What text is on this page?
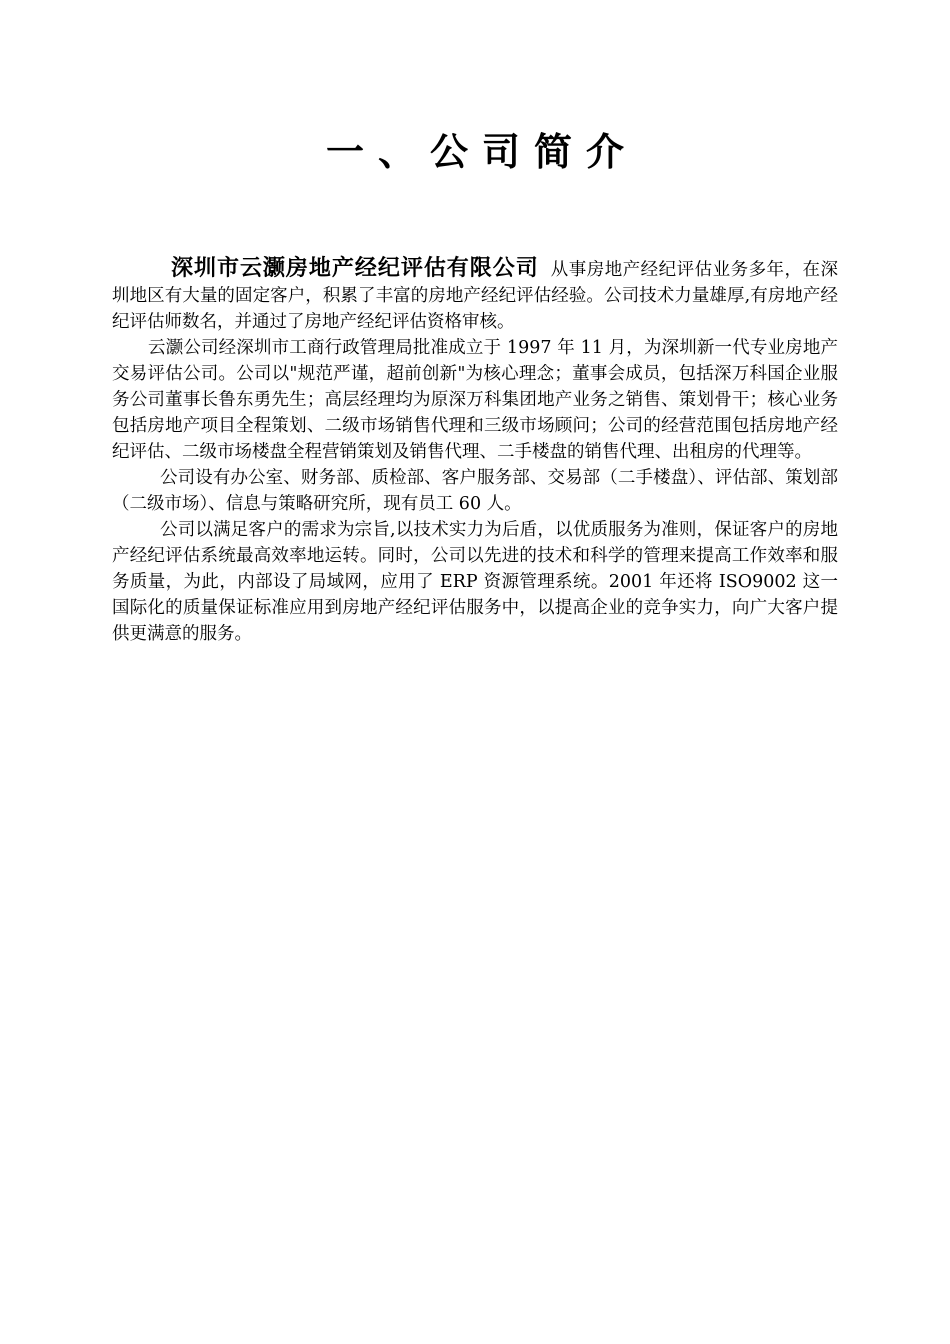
一、公司简介

深圳市云灏房地产经纪评估有限公司 从事房地产经纪评估业务多年，在深圳地区有大量的固定客户，积累了丰富的房地产经纪评估经验。公司技术力量雄厚,有房地产经纪评估师数名，并通过了房地产经纪评估资格审核。

云灏公司经深圳市工商行政管理局批准成立于 1997 年 11 月，为深圳新一代专业房地产交易评估公司。公司以"规范严谨，超前创新"为核心理念；董事会成员，包括深万科国企业服务公司董事长鲁东勇先生；高层经理均为原深万科集团地产业务之销售、策划骨干；核心业务包括房地产项目全程策划、二级市场销售代理和三级市场顾问；公司的经营范围包括房地产经纪评估、二级市场楼盘全程营销策划及销售代理、二手楼盘的销售代理、出租房的代理等。

公司设有办公室、财务部、质检部、客户服务部、交易部（二手楼盘）、评估部、策划部（二级市场）、信息与策略研究所，现有员工 60 人。

公司以满足客户的需求为宗旨,以技术实力为后盾，以优质服务为准则，保证客户的房地产经纪评估系统最高效率地运转。同时，公司以先进的技术和科学的管理来提高工作效率和服务质量，为此，内部设了局域网，应用了 ERP 资源管理系统。2001 年还将 ISO9002 这一国际化的质量保证标准应用到房地产经纪评估服务中，以提高企业的竞争实力，向广大客户提供更满意的服务。
